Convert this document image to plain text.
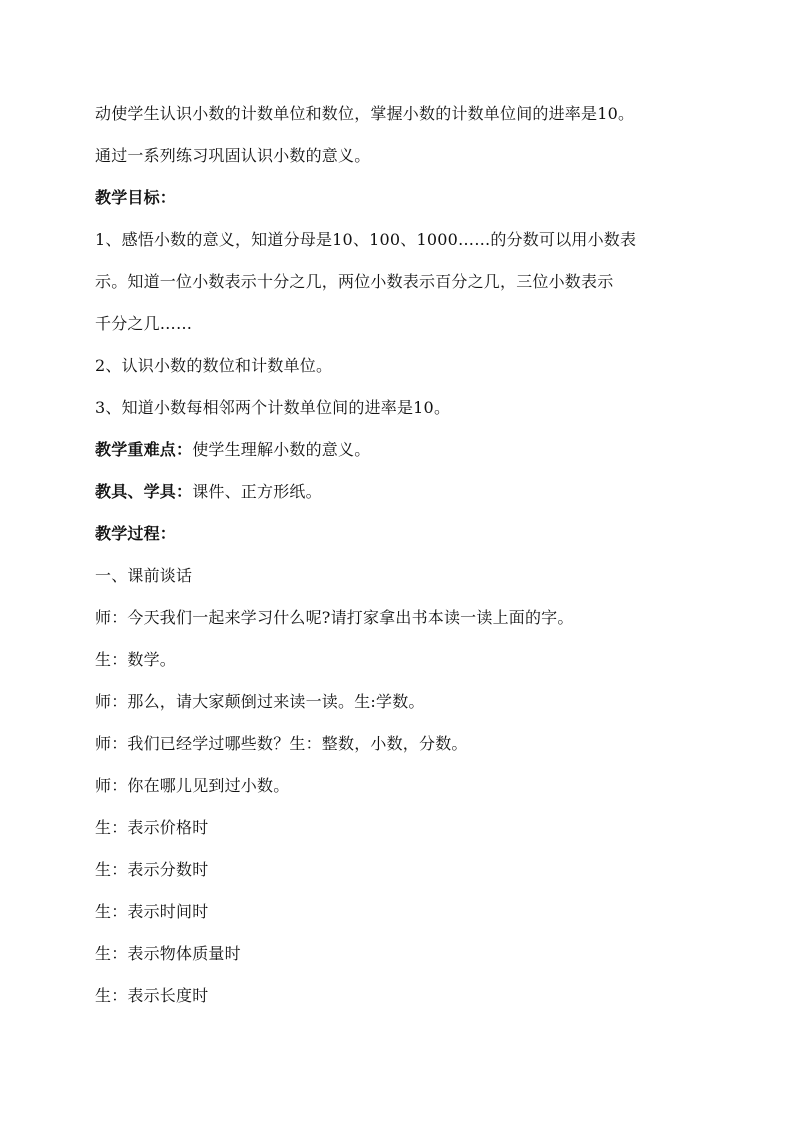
动使学生认识小数的计数单位和数位，掌握小数的计数单位间的进率是10。
通过一系列练习巩固认识小数的意义。
教学目标：
1、感悟小数的意义，知道分母是10、100、1000……的分数可以用小数表
示。知道一位小数表示十分之几，两位小数表示百分之几，三位小数表示
千分之几……
2、认识小数的数位和计数单位。
3、知道小数每相邻两个计数单位间的进率是10。
教学重难点：使学生理解小数的意义。
教具、学具：课件、正方形纸。
教学过程：
一、课前谈话
师：今天我们一起来学习什么呢?请打家拿出书本读一读上面的字。
生：数学。
师：那么，请大家颠倒过来读一读。生:学数。
师：我们已经学过哪些数？生：整数，小数，分数。
师：你在哪儿见到过小数。
生：表示价格时
生：表示分数时
生：表示时间时
生：表示物体质量时
生：表示长度时
